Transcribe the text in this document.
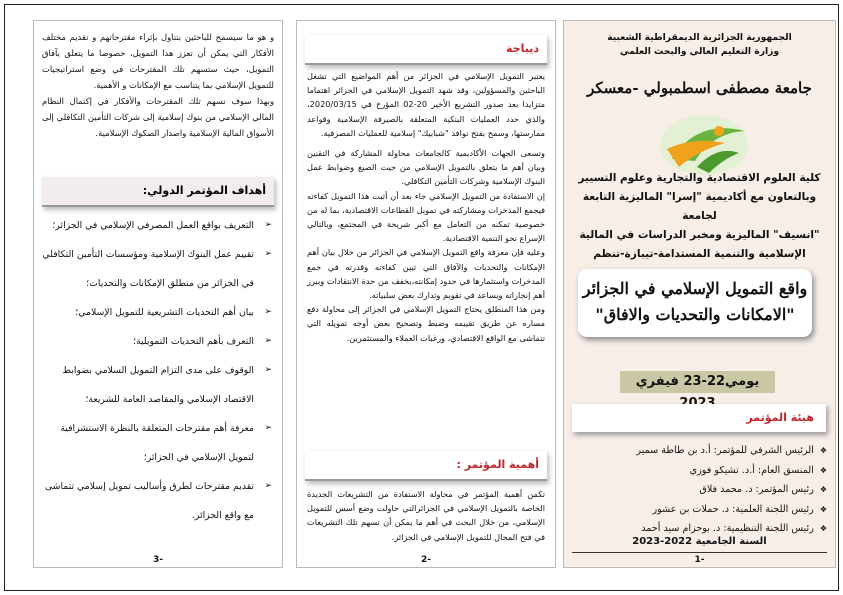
الجمهورية الجزائرية الديمقراطية الشعبية
وزارة التعليم العالي والبحث العلمي
جامعة مصطفى اسطمبولي -معسكر
كلية العلوم الاقتصادية والتجارية وعلوم التسيير
وبالتعاون مع أكاديمية "إسرا" الماليزية التابعة لجامعة
"انسيف" الماليزية ومخبر الدراسات في المالية
الإسلامية والتنمية المستدامة-تيبازة-تنظم
واقع التمويل الإسلامي في الجزائر
"الامكانات والتحديات والافاق"
يومي22-23 فيفري
هيئة المؤتمر
❖ الرئيس الشرفي للمؤتمر: أ.د بن طاطة سمير
❖ المنسق العام: أ.د. تشيكو فوزي
❖ رئيس المؤتمر: د. محمد فلاق
❖ رئيس اللجنة العلمية: د. حملات بن عشور
❖ رئيس اللجنة التنظيمية: د. بوحزام سيد أحمد
السنة الجامعية 2022-2023
-1
ديباجة

يعتبر التمويل الإسلامي في الجزائر من أهم المواضيع التي تشغل الباحثين والمسؤولين، وقد شهد التمويل الإسلامي في الجزائر اهتماما متزايدا بعد صدور التشريع الأخير 20-02 المؤرخ في 2020/03/15، والذي حدد العمليات البنكية المتعلقة بالصيرفة الإسلامية وقواعد ممارستها، وسمح بفتح نوافذ "شبابيك" إسلامية للعمليات المصرفية.

وتسعى الجهات الأكاديمية كالجامعات محاولة المشاركة في التقنين وبيان أهم ما يتعلق بالتمويل الإسلامي من حيث الصيغ وضوابط عمل البنوك الإسلامية وشركات التأمين التكافلي.

إن الاستفادة من التمويل الإسلامي جاء بعد أن أثبت هذا التمويل كفاءته فيجمع المدخرات ومشاركته في تمويل القطاعات الاقتصادية، بما له من خصوصية تمكنه من التعامل مع أكبر شريحة في المجتمع، وبالتالي الإسراع نحو التنمية الاقتصادية.

وعليه فإن معرفة واقع التمويل الإسلامي في الجزائر من خلال بيان أهم الإمكانات والتحديات والآفاق التي تبين كفاءته وقدرته في جمع المدخرات واستثمارها في حدود إمكانته،بخفف من حدة الانتقادات ويبرز أهم إنجازاته ويساعد في تقويم وتدارك بعض سلبياته.

ومن هذا المنطلق يحتاج التمويل الإسلامي في الجزائر إلى محاولة دفع مساره عن طريق تقييمه وضبط وتصحيح بعض أوجه تمويله التي تتماشى مع الواقع الاقتصادي، ورغبات العملاء والمستثمرين.

أهمية المؤتمر :
تكمن أهمية المؤتمر في محاولة الاستفادة من التشريعات الجديدة الخاصة بالتمويل الإسلامي في الجزائرالتي حاولت وضع أسس للتمويل الإسلامي، من خلال البحث في أهم ما يمكن أن تسهم تلك التشريعات في فتح المجال للتمويل الإسلامي في الجزائر.
-2

و هو ما سيسمح للباحثين بتناول بإثراء مقترحاتهم و تقديم مختلف الأفكار التي يمكن أن تعزز هذا التمويل، خصوصا ما يتعلق بآفاق التمويل، حيث ستسهم تلك المقترحات في وضع استراتيجيات للتمويل الإسلامي بما يتناسب مع الإمكانات و الأهمية.

وبهذا سوف تسهم تلك المقترحات والأفكار في إكتمال النظام المالي الإسلامي من بنوك إسلامية إلى شركات التأمين التكافلي إلى الأسواق المالية الإسلامية واصدار الصكوك الإسلامية.

أهداف المؤتمر الدولي:
➢ التعريف بواقع العمل المصرفي الإسلامي في الجزائر؛
➢ تقييم عمل البنوك الإسلامية ومؤسسات التأمين التكافلي في الجزائر من منطلق الإمكانات والتحديات؛
➢ بيان أهم التحديات التشريعية للتمويل الإسلامي؛
➢ التعرف بأهم التحديات التمويلية؛
➢ الوقوف على مدى التزام التمويل السلامي بضوابط الاقتصاد الإسلامي والمقاصد العامة للشريعة؛
➢ معرفة أهم مقترحات المتعلقة بالنظرة الاستشرافية لتمويل الإسلامي في الجزائر؛
➢ تقديم مقترحات لطرق وأساليب تمويل إسلامي تتماشى مع واقع الجزائر.
-3
